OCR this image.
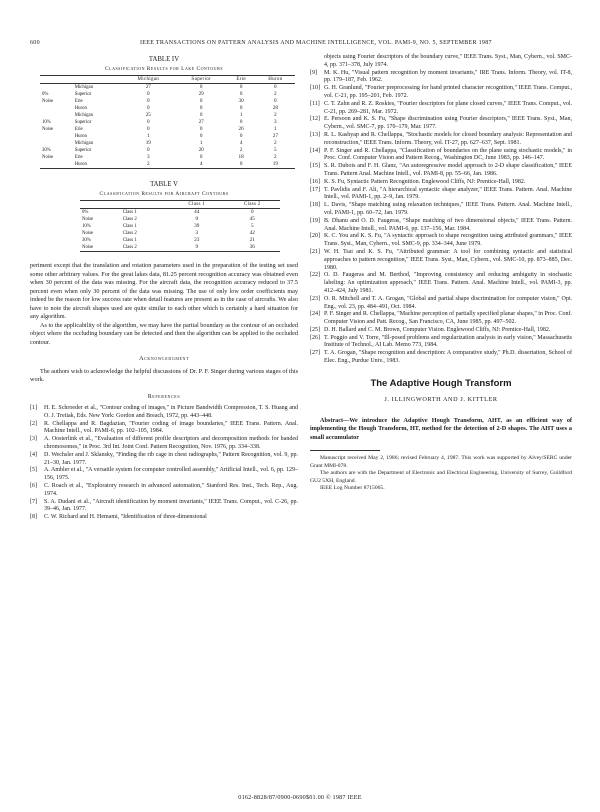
600	IEEE TRANSACTIONS ON PATTERN ANALYSIS AND MACHINE INTELLIGENCE, VOL. PAMI-9, NO. 5, SEPTEMBER 1987
TABLE IV
Classification Results for Lake Contours
		Michigan	Superior	Erie	Huron
	Michigan	27	0	0	0
0%	Superior	0	29	0	2
Noise	Erie	0	0	30	0
	Huron	0	0	0	28
	Michigan	25	0	1	2
10%	Superior	0	27	0	3
Noise	Erie	0	0	26	1
	Huron	1	0	0	27
	Michigan	19	1	4	2
30%	Superior	0	20	2	5
Noise	Erie	3	0	18	2
	Huron	2	4	0	19
TABLE V
Classification Results for Aircraft Contours
		Class 1	Class 2
0%	Class 1	44	0
Noise	Class 2	0	45
10%	Class 1	39	5
Noise	Class 2	3	42
30%	Class 1	23	21
Noise	Class 2	9	36

periment except that the translation and rotation parameters used in the preparation of the testing set used some other arbitrary values. For the great lakes data, 81.25 percent recognition accuracy was obtained even when 30 percent of the data was missing. For the aircraft data, the recognition accuracy reduced to 37.5 percent even when only 30 percent of the data was missing. The use of only low order coefficients may indeed be the reason for low success rate when detail features are present as in the case of aircrafts. We also have to note the aircraft shapes used are quite similar to each other which is certainly a hard situation for any algorithm.

As to the applicability of the algorithm, we may have the partial boundary as the contour of an occluded object where the occluding boundary can be detected and then the algorithm can be applied to the occluded contour.

Acknowledgment

The authors wish to acknowledge the helpful discussions of Dr. P. F. Singer during various stages of this work.

References
[1]	H. E. Schroeder et al., "Contour coding of images," in Picture Bandwidth Compression, T. S. Huang and O. J. Tretiak, Eds. New York: Gordon and Breach, 1972, pp. 443–448.
[2]	R. Chellappa and R. Bagdazian, "Fourier coding of image boundaries," IEEE Trans. Pattern. Anal. Machine Intell., vol. PAMI-6, pp. 102–105, 1984.
[3]	A. Oosterlink et al., "Evaluation of different profile descriptors and decomposition methods for banded chromosomes," in Proc. 3rd Int. Joint Conf. Pattern Recognition, Nov. 1976, pp. 334–338.
[4]	D. Wechsler and J. Sklansky, "Finding the rib cage in chest radiographs," Pattern Recognition, vol. 9, pp. 21–30, Jan. 1977.
[5]	A. Ambler et al., "A versatile system for computer controlled assembly," Artificial Intell., vol. 6, pp. 129–156, 1975.
[6]	C. Roach et al., "Exploratory research in advanced automation," Stanford Res. Inst., Tech. Rep., Aug. 1974.
[7]	S. A. Dudani et al., "Aircraft identification by moment invariants," IEEE Trans. Comput., vol. C-26, pp. 39–46, Jan. 1977.
[8]	C. W. Richard and H. Hemami, "Identification of three-dimensional
objects using Fourier descriptors of the boundary curve," IEEE Trans. Syst., Man, Cybern., vol. SMC-4, pp. 371–378, July 1974.
[9]	M. K. Hu, "Visual pattern recognition by moment invariants," IRE Trans. Inform. Theory, vol. IT-8, pp. 179–187, Feb. 1962.
[10] G. H. Granlund, "Fourier preprocessing for hand printed character recognition," IEEE Trans. Comput., vol. C-21, pp. 195–201, Feb. 1972.
[11] C. T. Zahn and R. Z. Roskies, "Fourier descriptors for plane closed curves," IEEE Trans. Comput., vol. C-21, pp. 269–281, Mar. 1972.
[12] E. Persoon and K. S. Fu, "Shape discrimination using Fourier descriptors," IEEE Trans. Syst., Man, Cybern., vol. SMC-7, pp. 170–179, Mar. 1977.
[13] R. L. Kashyap and R. Chellappa, "Stochastic models for closed boundary analysis: Representation and reconstruction," IEEE Trans. Inform. Theory, vol. IT-27, pp. 627–637, Sept. 1981.
[14] P. F. Singer and R. Chellappa, "Classification of boundaries on the plane using stochastic models," in Proc. Conf. Computer Vision and Pattern Recog., Washington DC, June 1983, pp. 146–147.
[15] S. R. Dubois and F. H. Glanz, "An autoregressive model approach to 2-D shape classification," IEEE Trans. Pattern Anal. Machine Intell., vol. PAMI-8, pp. 55–66, Jan. 1986.
[16] K. S. Fu, Syntactic Pattern Recognition. Englewood Cliffs, NJ: Prentice-Hall, 1982.
[17] T. Pavlidis and F. Ali, "A hierarchical syntactic shape analyzer," IEEE Trans. Pattern. Anal. Machine Intell., vol. PAMI-1, pp. 2–9, Jan. 1979.
[18] L. Davis, "Shape matching using relaxation techniques," IEEE Trans. Pattern. Anal. Machine Intell., vol. PAMI-1, pp. 60–72, Jan. 1979.
[19] B. Dhanu and O. D. Faugeras, "Shape matching of two dimensional objects," IEEE Trans. Pattern. Anal. Machine Intell., vol. PAMI-6, pp. 137–156, Mar. 1984.
[20] K. C. You and K. S. Fu, "A syntactic approach to shape recognition using attributed grammars," IEEE Trans. Syst., Man, Cybern., vol. SMC-9, pp. 334–344, June 1979.
[21] W. H. Tsai and K. S. Fu, "Attributed grammar: A tool for combining syntactic and statistical approaches to pattern recognition," IEEE Trans. Syst., Man, Cybern., vol. SMC-10, pp. 873–885, Dec. 1980.
[22] O. D. Faugeras and M. Berthod, "Improving consistency and reducing ambiguity in stochastic labeling: An optimization approach," IEEE Trans. Pattern. Anal. Machine Intell., vol. PAMI-3, pp. 412–424, July 1981.
[23] O. R. Mitchell and T. A. Grogan, "Global and partial shape discrimination for computer vision," Opt. Eng., vol. 23, pp. 484–491, Oct. 1984.
[24] P. F. Singer and R. Chellappa, "Machine perception of partially specified planar shapes," in Proc. Conf. Computer Vision and Patt. Recog., San Francisco, CA, June 1985, pp. 497–502.
[25] D. H. Ballard and C. M. Brown, Computer Vision. Englewood Cliffs, NJ: Prentice-Hall, 1982.
[26] T. Poggio and V. Torre, "Ill-posed problems and regularization analysis in early vision," Massachusetts Institute of Technol., AI Lab. Memo 773, 1984.
[27] T. A. Grogan, "Shape recognition and description: A comparative study," Ph.D. dissertation, School of Elec. Eng., Purdue Univ., 1983.
The Adaptive Hough Transform
J. ILLINGWORTH AND J. KITTLER
Abstract—We introduce the Adaptive Hough Transform, AHT, as an efficient way of implementing the Hough Transform, HT, method for the detection of 2-D shapes. The AHT uses a small accumulator
Manuscript received May 2, 1986; revised February 4, 1987. This work was supported by Alvey/SERC under Grant MMI-078.
The authors are with the Department of Electronic and Electrical Engineering, University of Surrey, Guildford GU2 5XH, England.
IEEE Log Number 8715065.
0162-8828/87/0900-0690$01.00 © 1987 IEEE
